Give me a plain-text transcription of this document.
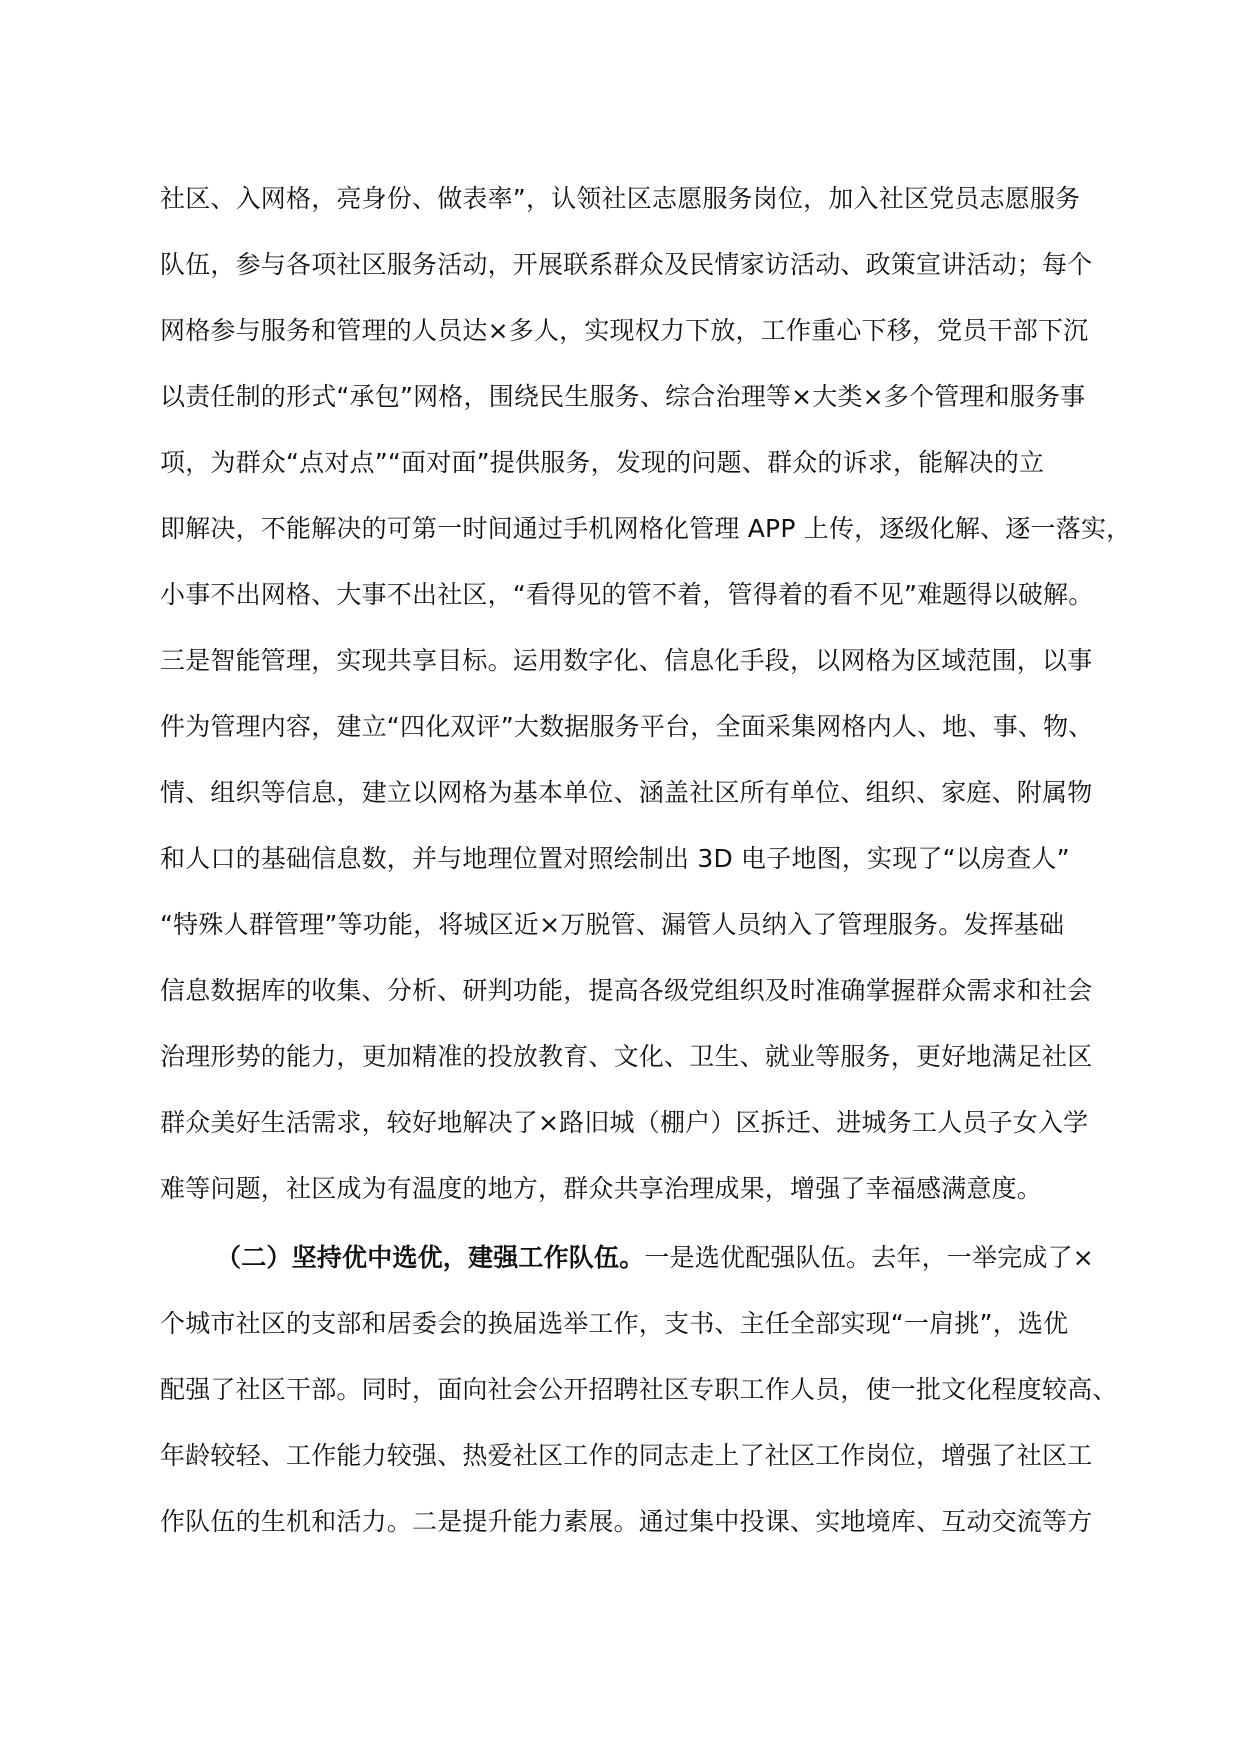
社区、入网格，亮身份、做表率”，认领社区志愿服务岗位，加入社区党员志愿服务
队伍，参与各项社区服务活动，开展联系群众及民情家访活动、政策宣讲活动；每个
网格参与服务和管理的人员达×多人，实现权力下放，工作重心下移，党员干部下沉
以责任制的形式“承包”网格，围绕民生服务、综合治理等×大类×多个管理和服务事
项，为群众“点对点”“面对面”提供服务，发现的问题、群众的诉求，能解决的立
即解决，不能解决的可第一时间通过手机网格化管理 APP 上传，逐级化解、逐一落实，
小事不出网格、大事不出社区，“看得见的管不着，管得着的看不见”难题得以破解。
三是智能管理，实现共享目标。运用数字化、信息化手段，以网格为区域范围，以事
件为管理内容，建立“四化双评”大数据服务平台，全面采集网格内人、地、事、物、
情、组织等信息，建立以网格为基本单位、涵盖社区所有单位、组织、家庭、附属物
和人口的基础信息数，并与地理位置对照绘制出 3D 电子地图，实现了“以房查人”
“特殊人群管理”等功能，将城区近×万脱管、漏管人员纳入了管理服务。发挥基础
信息数据库的收集、分析、研判功能，提高各级党组织及时准确掌握群众需求和社会
治理形势的能力，更加精准的投放教育、文化、卫生、就业等服务，更好地满足社区
群众美好生活需求，较好地解决了×路旧城（棚户）区拆迁、进城务工人员子女入学
难等问题，社区成为有温度的地方，群众共享治理成果，增强了幸福感满意度。
（二）坚持优中选优，建强工作队伍。一是选优配强队伍。去年，一举完成了×
个城市社区的支部和居委会的换届选举工作，支书、主任全部实现“一肩挑”，选优
配强了社区干部。同时，面向社会公开招聘社区专职工作人员，使一批文化程度较高、
年龄较轻、工作能力较强、热爱社区工作的同志走上了社区工作岗位，增强了社区工
作队伍的生机和活力。二是提升能力素展。通过集中投课、实地境库、互动交流等方
